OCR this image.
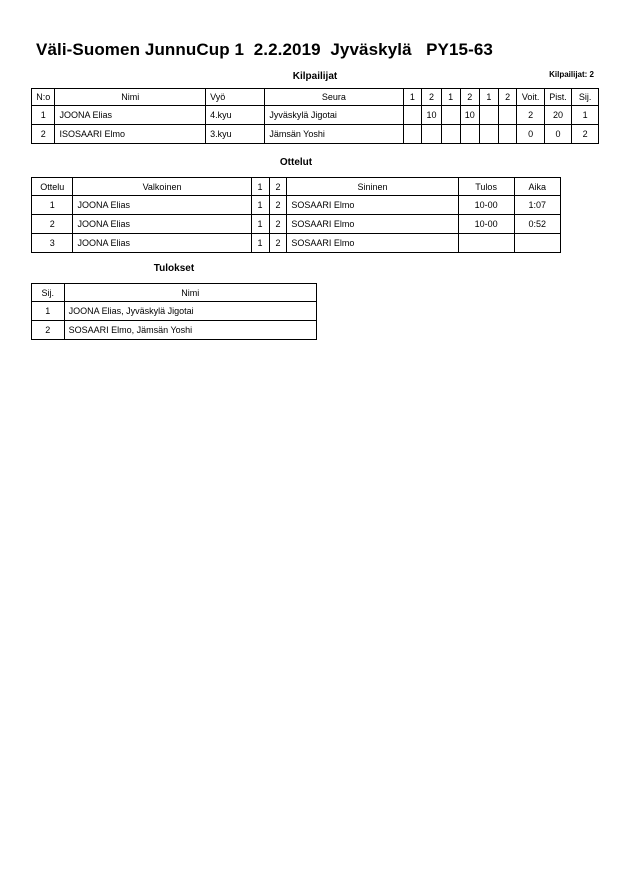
Väli-Suomen JunnuCup 1  2.2.2019  Jyväskylä   PY15-63
Kilpailijat	Kilpailijat: 2
N:o	Nimi	Vyö	Seura	1	2	1	2	1	2	Voit.	Pist.	Sij.
1	JOONA Elias	4.kyu	Jyväskylä Jigotai		10		10			2	20	1
2	ISOSAARI Elmo	3.kyu	Jämsän Yoshi							0	0	2
Ottelut
Ottelu	Valkoinen	1	2	Sininen	Tulos	Aika
1	JOONA Elias	1	2	SOSAARI Elmo	10-00	1:07
2	JOONA Elias	1	2	SOSAARI Elmo	10-00	0:52
3	JOONA Elias	1	2	SOSAARI Elmo		
Tulokset
Sij.	Nimi
1	JOONA Elias, Jyväskylä Jigotai
2	SOSAARI Elmo, Jämsän Yoshi
